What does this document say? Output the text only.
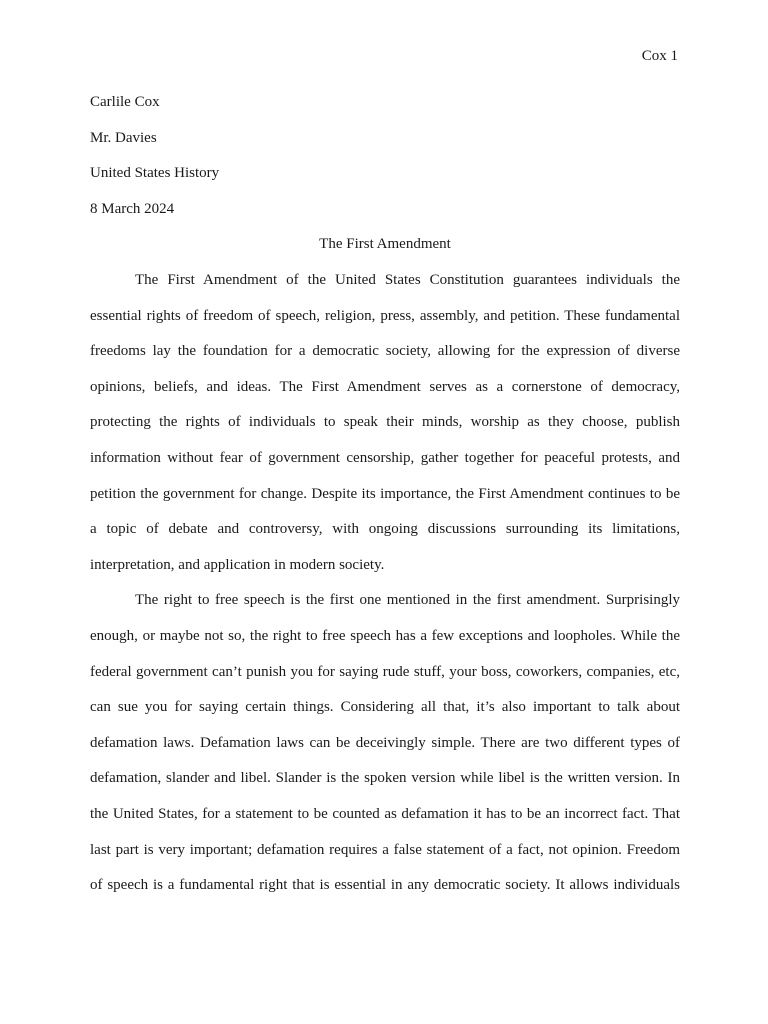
Cox 1
Carlile Cox
Mr. Davies
United States History
8 March 2024
The First Amendment
The First Amendment of the United States Constitution guarantees individuals the
essential rights of freedom of speech, religion, press, assembly, and petition. These fundamental
freedoms lay the foundation for a democratic society, allowing for the expression of diverse
opinions, beliefs, and ideas. The First Amendment serves as a cornerstone of democracy,
protecting the rights of individuals to speak their minds, worship as they choose, publish
information without fear of government censorship, gather together for peaceful protests, and
petition the government for change. Despite its importance, the First Amendment continues to be
a topic of debate and controversy, with ongoing discussions surrounding its limitations,
interpretation, and application in modern society.
The right to free speech is the first one mentioned in the first amendment. Surprisingly
enough, or maybe not so, the right to free speech has a few exceptions and loopholes. While the
federal government can’t punish you for saying rude stuff, your boss, coworkers, companies, etc,
can sue you for saying certain things. Considering all that, it’s also important to talk about
defamation laws. Defamation laws can be deceivingly simple. There are two different types of
defamation, slander and libel. Slander is the spoken version while libel is the written version. In
the United States, for a statement to be counted as defamation it has to be an incorrect fact. That
last part is very important; defamation requires a false statement of a fact, not opinion. Freedom
of speech is a fundamental right that is essential in any democratic society. It allows individuals
